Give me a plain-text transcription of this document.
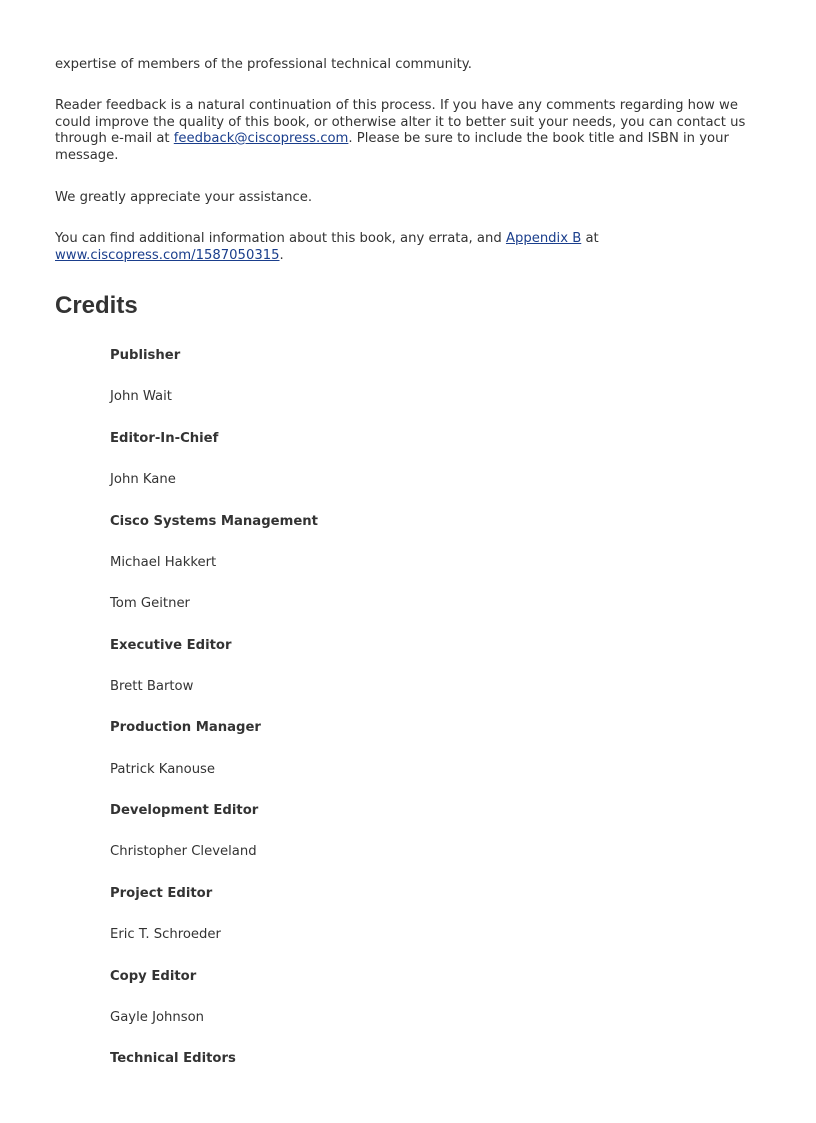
expertise of members of the professional technical community.

Reader feedback is a natural continuation of this process. If you have any comments regarding how we could improve the quality of this book, or otherwise alter it to better suit your needs, you can contact us through e-mail at feedback@ciscopress.com. Please be sure to include the book title and ISBN in your message.

We greatly appreciate your assistance.

You can find additional information about this book, any errata, and Appendix B at
www.ciscopress.com/1587050315.

Credits

Publisher

John Wait

Editor-In-Chief

John Kane

Cisco Systems Management

Michael Hakkert

Tom Geitner

Executive Editor

Brett Bartow

Production Manager

Patrick Kanouse

Development Editor

Christopher Cleveland

Project Editor

Eric T. Schroeder

Copy Editor

Gayle Johnson

Technical Editors
